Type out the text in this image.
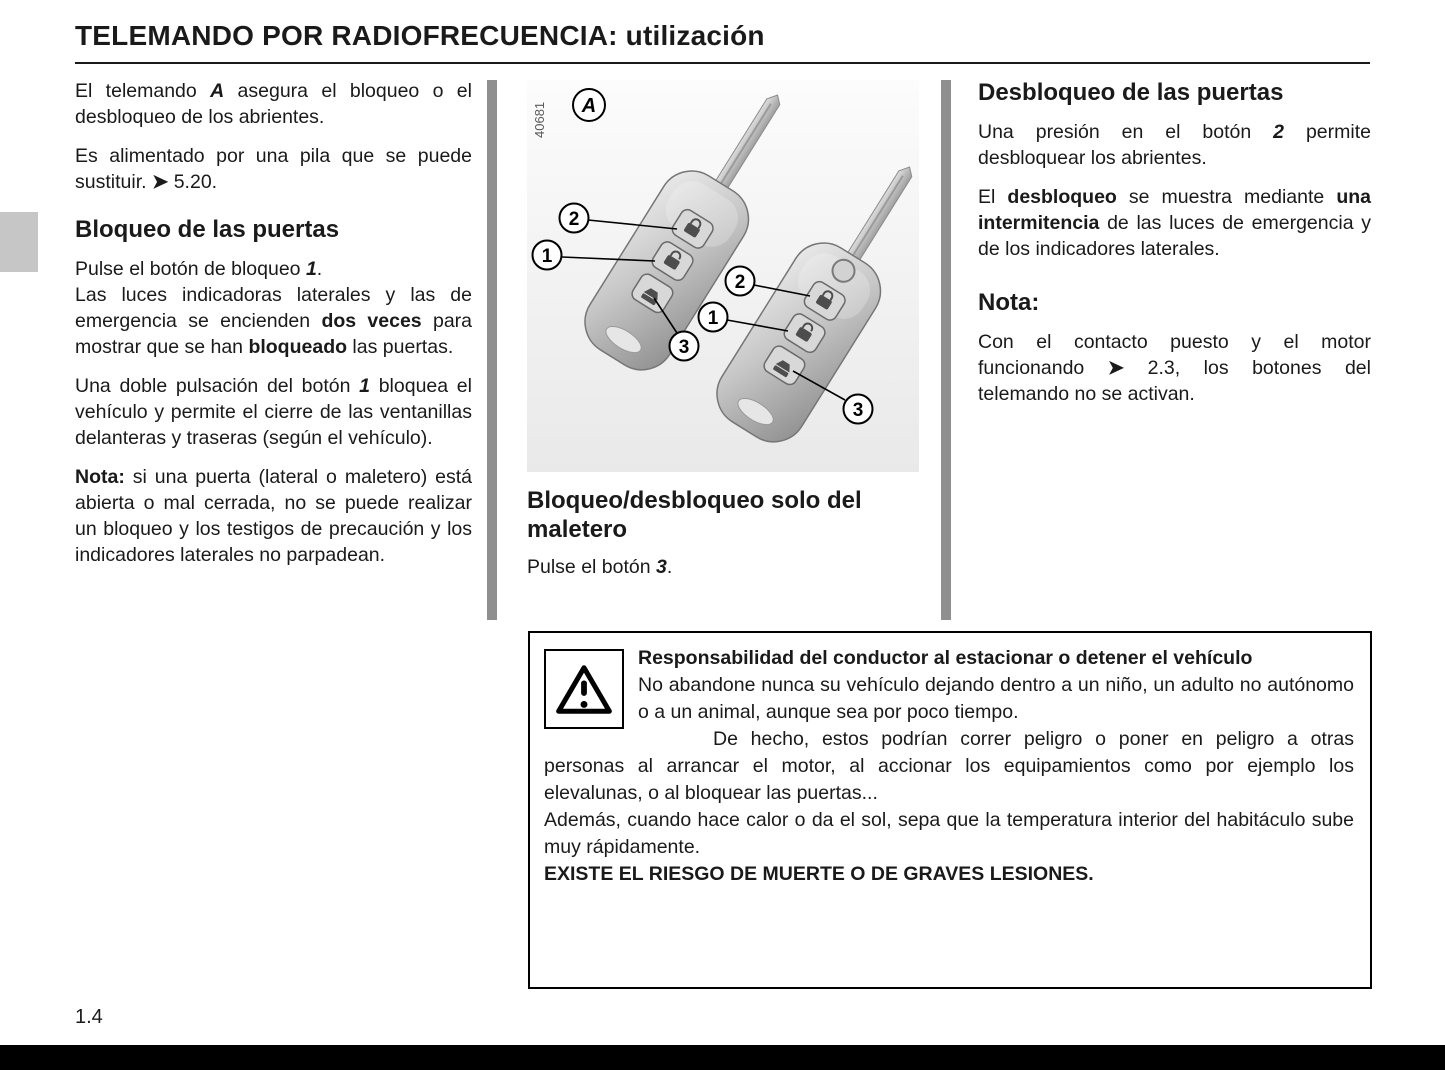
TELEMANDO POR RADIOFRECUENCIA: utilización

El telemando A asegura el bloqueo o el desbloqueo de los abrientes.

Es alimentado por una pila que se puede sustituir. ➤ 5.20.

Bloqueo de las puertas

Pulse el botón de bloqueo 1.

Las luces indicadoras laterales y las de emergencia se encienden dos veces para mostrar que se han bloqueado las puertas.

Una doble pulsación del botón 1 bloquea el vehículo y permite el cierre de las ventanillas delanteras y traseras (según el vehículo).

Nota: si una puerta (lateral o maletero) está abierta o mal cerrada, no se puede realizar un bloqueo y los testigos de precaución y los indicadores laterales no parpadean.

40681 A
2
1
3
2
1
3
Bloqueo/desbloqueo solo del maletero

Pulse el botón 3.

Desbloqueo de las puertas

Una presión en el botón 2 permite desbloquear los abrientes.

El desbloqueo se muestra mediante una intermitencia de las luces de emergencia y de los indicadores laterales.

Nota:

Con el contacto puesto y el motor funcionando ➤ 2.3, los botones del telemando no se activan.

Responsabilidad del conductor al estacionar o detener el vehículo

No abandone nunca su vehículo dejando dentro a un niño, un adulto no autónomo o a un animal, aunque sea por poco tiempo.

De hecho, estos podrían correr peligro o poner en peligro a otras personas al arrancar el motor, al accionar los equipamientos como por ejemplo los elevalunas, o al bloquear las puertas...

Además, cuando hace calor o da el sol, sepa que la temperatura interior del habitáculo sube muy rápidamente.

EXISTE EL RIESGO DE MUERTE O DE GRAVES LESIONES.

1.4
